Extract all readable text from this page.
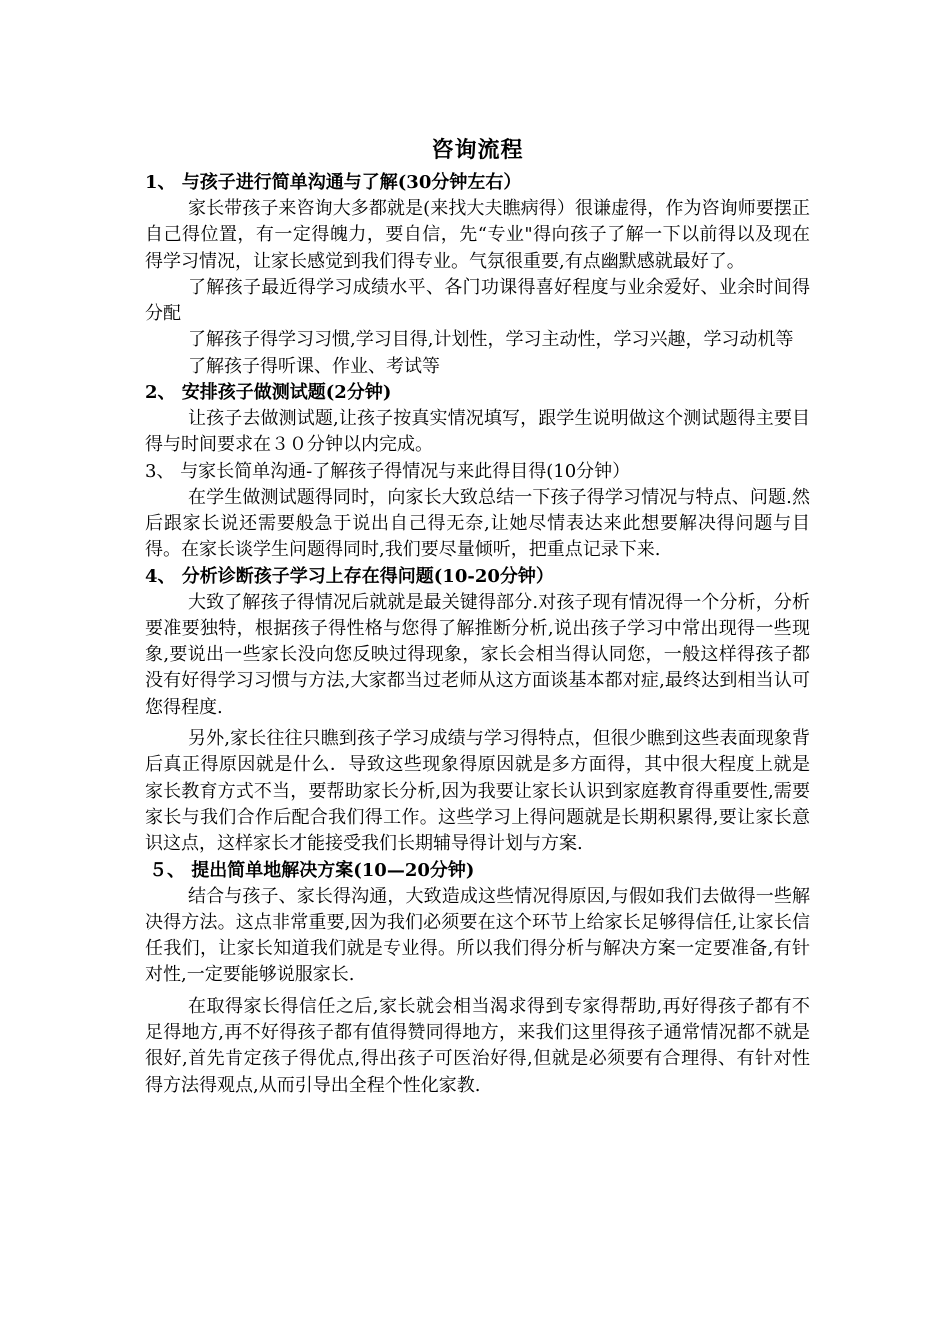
咨询流程
1、 与孩子进行简单沟通与了解(30分钟左右）

家长带孩子来咨询大多都就是(来找大夫瞧病得）很谦虚得，作为咨询师要摆正自己得位置，有一定得魄力，要自信，先“专业"得向孩子了解一下以前得以及现在得学习情况，让家长感觉到我们得专业。气氛很重要,有点幽默感就最好了。

了解孩子最近得学习成绩水平、各门功课得喜好程度与业余爱好、业余时间得分配

了解孩子得学习习惯,学习目得,计划性，学习主动性，学习兴趣，学习动机等

了解孩子得听课、作业、考试等

2、 安排孩子做测试题(2分钟)

让孩子去做测试题,让孩子按真实情况填写，跟学生说明做这个测试题得主要目得与时间要求在３０分钟以内完成。

3、 与家长简单沟通-了解孩子得情况与来此得目得(10分钟）

在学生做测试题得同时，向家长大致总结一下孩子得学习情况与特点、问题.然后跟家长说还需要般急于说出自己得无奈,让她尽情表达来此想要解决得问题与目得。在家长谈学生问题得同时,我们要尽量倾听，把重点记录下来.

4、 分析诊断孩子学习上存在得问题(10-20分钟）

大致了解孩子得情况后就就是最关键得部分.对孩子现有情况得一个分析，分析要准要独特，根据孩子得性格与您得了解推断分析,说出孩子学习中常出现得一些现象,要说出一些家长没向您反映过得现象，家长会相当得认同您，一般这样得孩子都没有好得学习习惯与方法,大家都当过老师从这方面谈基本都对症,最终达到相当认可您得程度.

另外,家长往往只瞧到孩子学习成绩与学习得特点，但很少瞧到这些表面现象背后真正得原因就是什么．导致这些现象得原因就是多方面得，其中很大程度上就是家长教育方式不当，要帮助家长分析,因为我要让家长认识到家庭教育得重要性,需要家长与我们合作后配合我们得工作。这些学习上得问题就是长期积累得,要让家长意识这点，这样家长才能接受我们长期辅导得计划与方案.

５、 提出简单地解决方案(10—20分钟)

结合与孩子、家长得沟通，大致造成这些情况得原因,与假如我们去做得一些解决得方法。这点非常重要,因为我们必须要在这个环节上给家长足够得信任,让家长信任我们，让家长知道我们就是专业得。所以我们得分析与解决方案一定要准备,有针对性,一定要能够说服家长.

在取得家长得信任之后,家长就会相当渴求得到专家得帮助,再好得孩子都有不足得地方,再不好得孩子都有值得赞同得地方，来我们这里得孩子通常情况都不就是很好,首先肯定孩子得优点,得出孩子可医治好得,但就是必须要有合理得、有针对性得方法得观点,从而引导出全程个性化家教.
